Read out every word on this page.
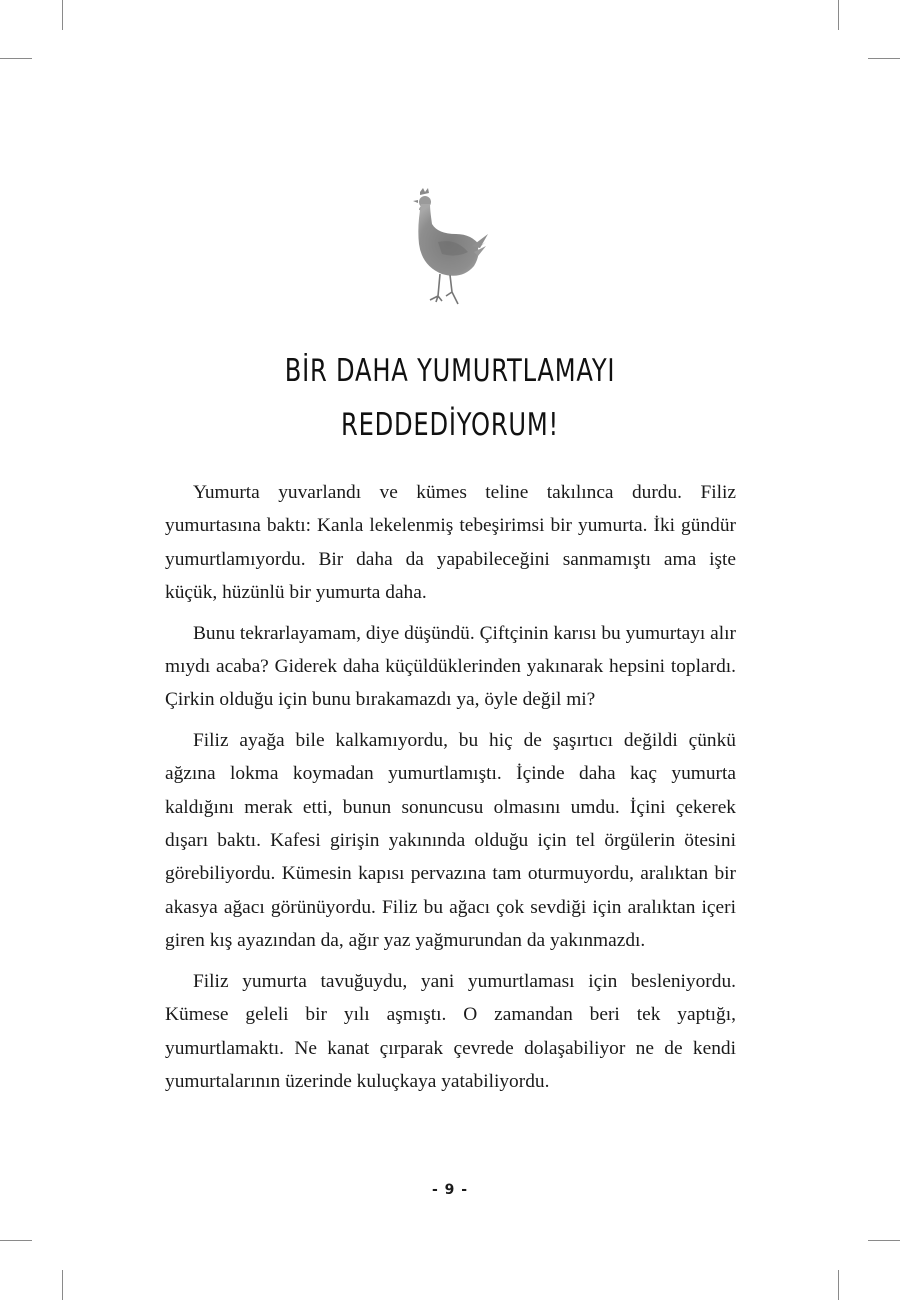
BİR DAHA YUMURTLAMAYI
REDDEDİYORUM!

Yumurta yuvarlandı ve kümes teline takılınca durdu. Filiz yumurtasına baktı: Kanla lekelenmiş tebeşirimsi bir yumurta. İki gündür yumurtlamıyordu. Bir daha da yapabileceğini sanmamıştı ama işte küçük, hüzünlü bir yumurta daha.

Bunu tekrarlayamam, diye düşündü. Çiftçinin karısı bu yumurtayı alır mıydı acaba? Giderek daha küçüldüklerinden yakınarak hepsini toplardı. Çirkin olduğu için bunu bırakamazdı ya, öyle değil mi?

Filiz ayağa bile kalkamıyordu, bu hiç de şaşırtıcı değildi çünkü ağzına lokma koymadan yumurtlamıştı. İçinde daha kaç yumurta kaldığını merak etti, bunun sonuncusu olmasını umdu. İçini çekerek dışarı baktı. Kafesi girişin yakınında olduğu için tel örgülerin ötesini görebiliyordu. Kümesin kapısı pervazına tam oturmuyordu, aralıktan bir akasya ağacı görünüyordu. Filiz bu ağacı çok sevdiği için aralıktan içeri giren kış ayazından da, ağır yaz yağmurundan da yakınmazdı.

Filiz yumurta tavuğuydu, yani yumurtlaması için besleniyordu. Kümese geleli bir yılı aşmıştı. O zamandan beri tek yaptığı, yumurtlamaktı. Ne kanat çırparak çevrede dolaşabiliyor ne de kendi yumurtalarının üzerinde kuluçkaya yatabiliyordu.

- 9 -
